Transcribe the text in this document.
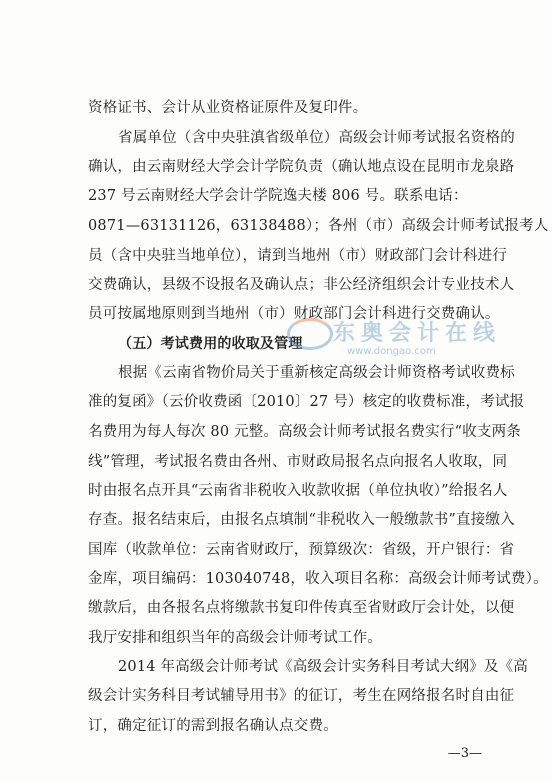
资格证书、会计从业资格证原件及复印件。
省属单位（含中央驻滇省级单位）高级会计师考试报名资格的
确认，由云南财经大学会计学院负责（确认地点设在昆明市龙泉路
237 号云南财经大学会计学院逸夫楼 806 号。联系电话：
0871—63131126，63138488）；各州（市）高级会计师考试报考人
员（含中央驻当地单位），请到当地州（市）财政部门会计科进行
交费确认，县级不设报名及确认点；非公经济组织会计专业技术人
员可按属地原则到当地州（市）财政部门会计科进行交费确认。
（五）考试费用的收取及管理
根据《云南省物价局关于重新核定高级会计师资格考试收费标
准的复函》（云价收费函〔2010〕27 号）核定的收费标准，考试报
名费用为每人每次 80 元整。高级会计师考试报名费实行“收支两条
线”管理，考试报名费由各州、市财政局报名点向报名人收取，同
时由报名点开具“云南省非税收入收款收据（单位执收）”给报名人
存查。报名结束后，由报名点填制“非税收入一般缴款书”直接缴入
国库（收款单位：云南省财政厅，预算级次：省级，开户银行：省
金库，项目编码：103040748，收入项目名称：高级会计师考试费）。
缴款后，由各报名点将缴款书复印件传真至省财政厅会计处，以便
我厅安排和组织当年的高级会计师考试工作。
2014 年高级会计师考试《高级会计实务科目考试大纲》及《高
级会计实务科目考试辅导用书》的征订，考生在网络报名时自由征
订，确定征订的需到报名确认点交费。
—3—
东奥会计在线
www.dongao.com
